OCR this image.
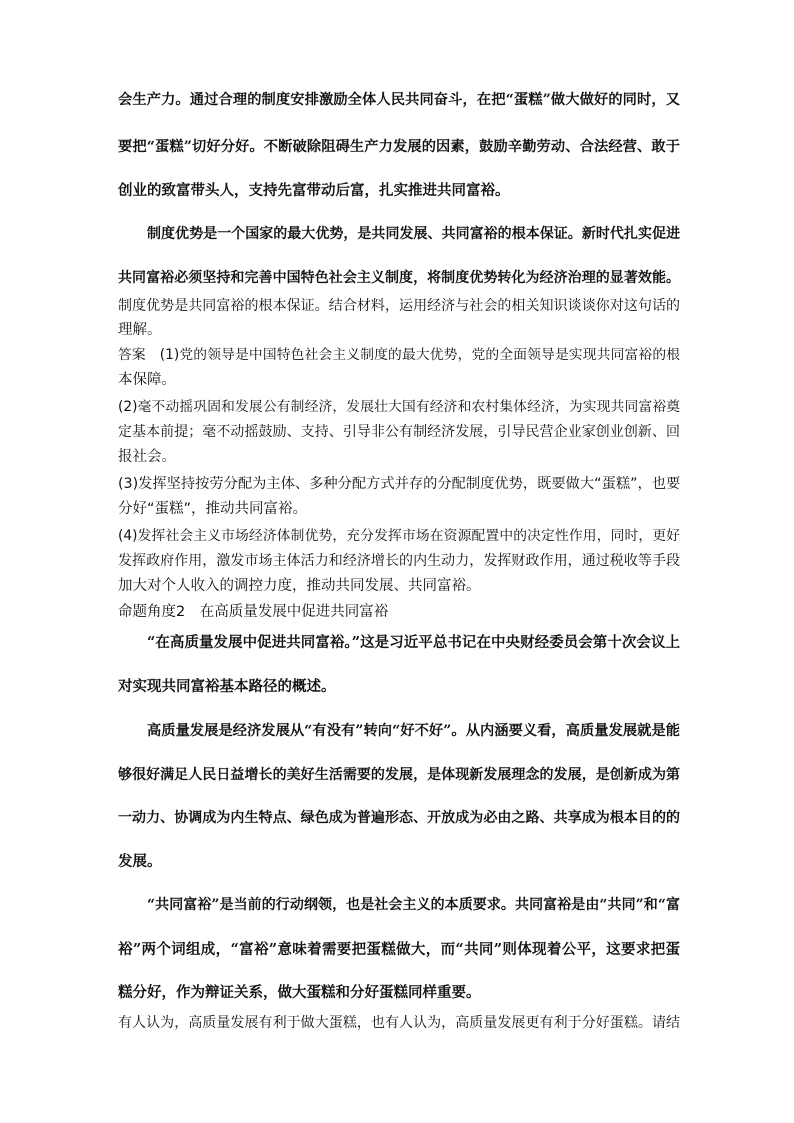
会生产力。通过合理的制度安排激励全体人民共同奋斗，在把“蛋糕”做大做好的同时，又
要把“蛋糕”切好分好。不断破除阻碍生产力发展的因素，鼓励辛勤劳动、合法经营、敢于
创业的致富带头人，支持先富带动后富，扎实推进共同富裕。
制度优势是一个国家的最大优势，是共同发展、共同富裕的根本保证。新时代扎实促进
共同富裕必须坚持和完善中国特色社会主义制度，将制度优势转化为经济治理的显著效能。
制度优势是共同富裕的根本保证。结合材料，运用经济与社会的相关知识谈谈你对这句话的
理解。
答案　(1)党的领导是中国特色社会主义制度的最大优势，党的全面领导是实现共同富裕的根
本保障。
(2)毫不动摇巩固和发展公有制经济，发展壮大国有经济和农村集体经济，为实现共同富裕奠
定基本前提；毫不动摇鼓励、支持、引导非公有制经济发展，引导民营企业家创业创新、回
报社会。
(3)发挥坚持按劳分配为主体、多种分配方式并存的分配制度优势，既要做大“蛋糕”，也要
分好“蛋糕”，推动共同富裕。
(4)发挥社会主义市场经济体制优势，充分发挥市场在资源配置中的决定性作用，同时，更好
发挥政府作用，激发市场主体活力和经济增长的内生动力，发挥财政作用，通过税收等手段
加大对个人收入的调控力度，推动共同发展、共同富裕。
命题角度2　在高质量发展中促进共同富裕
“在高质量发展中促进共同富裕。”这是习近平总书记在中央财经委员会第十次会议上
对实现共同富裕基本路径的概述。
高质量发展是经济发展从“有没有”转向“好不好”。从内涵要义看，高质量发展就是能
够很好满足人民日益增长的美好生活需要的发展，是体现新发展理念的发展，是创新成为第
一动力、协调成为内生特点、绿色成为普遍形态、开放成为必由之路、共享成为根本目的的
发展。
“共同富裕”是当前的行动纲领，也是社会主义的本质要求。共同富裕是由“共同”和“富
裕”两个词组成，“富裕”意味着需要把蛋糕做大，而“共同”则体现着公平，这要求把蛋
糕分好，作为辩证关系，做大蛋糕和分好蛋糕同样重要。
有人认为，高质量发展有利于做大蛋糕，也有人认为，高质量发展更有利于分好蛋糕。请结
